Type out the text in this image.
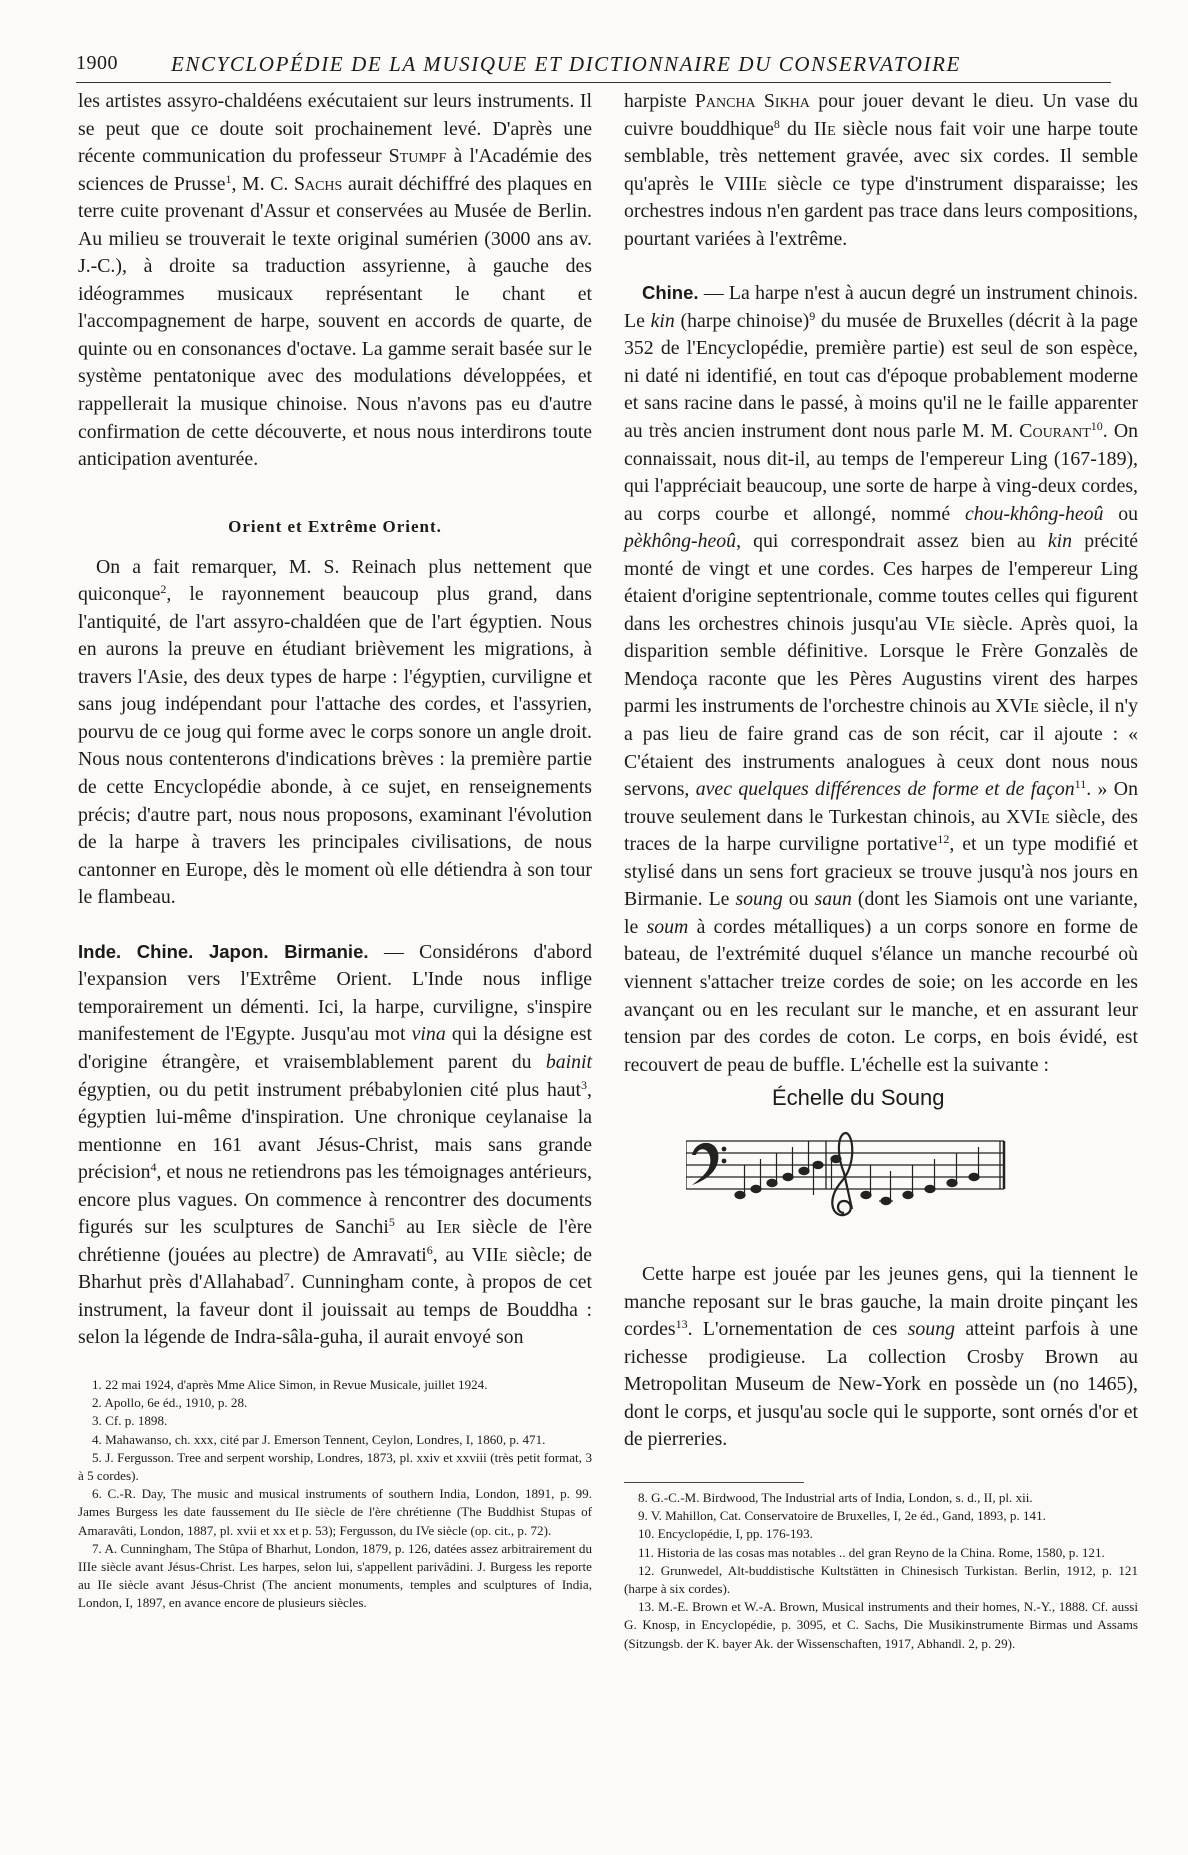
1900	ENCYCLOPÉDIE DE LA MUSIQUE ET DICTIONNAIRE DU CONSERVATOIRE

les artistes assyro-chaldéens exécutaient sur leurs instruments. Il se peut que ce doute soit prochainement levé. D'après une récente communication du professeur Stumpf à l'Académie des sciences de Prusse$^1$, M. C. Sachs aurait déchiffré des plaques en terre cuite provenant d'Assur et conservées au Musée de Berlin. Au milieu se trouverait le texte original sumérien (3000 ans av. J.-C.), à droite sa traduction assyrienne, à gauche des idéogrammes musicaux représentant le chant et l'accompagnement de harpe, souvent en accords de quarte, de quinte ou en consonances d'octave. La gamme serait basée sur le système pentatonique avec des modulations développées, et rappellerait la musique chinoise. Nous n'avons pas eu d'autre confirmation de cette découverte, et nous nous interdirons toute anticipation aventurée.

Orient et Extrême Orient.

On a fait remarquer, M. S. Reinach plus nettement que quiconque$^2$, le rayonnement beaucoup plus grand, dans l'antiquité, de l'art assyro-chaldéen que de l'art égyptien. Nous en aurons la preuve en étudiant brièvement les migrations, à travers l'Asie, des deux types de harpe : l'égyptien, curviligne et sans joug indépendant pour l'attache des cordes, et l'assyrien, pourvu de ce joug qui forme avec le corps sonore un angle droit. Nous nous contenterons d'indications brèves : la première partie de cette Encyclopédie abonde, à ce sujet, en renseignements précis; d'autre part, nous nous proposons, examinant l'évolution de la harpe à travers les principales civilisations, de nous cantonner en Europe, dès le moment où elle détiendra à son tour le flambeau.

Inde. Chine. Japon. Birmanie. — Considérons d'abord l'expansion vers l'Extrême Orient. L'Inde nous inflige temporairement un démenti. Ici, la harpe, curviligne, s'inspire manifestement de l'Egypte. Jusqu'au mot vina qui la désigne est d'origine étrangère, et vraisemblablement parent du bainit égyptien, ou du petit instrument prébabylonien cité plus haut$^3$, égyptien lui-même d'inspiration. Une chronique ceylanaise la mentionne en 161 avant Jésus-Christ, mais sans grande précision$^4$, et nous ne retiendrons pas les témoignages antérieurs, encore plus vagues. On commence à rencontrer des documents figurés sur les sculptures de Sanchi$^5$ au Ier siècle de l'ère chrétienne (jouées au plectre) de Amravati$^6$, au VIIe siècle; de Bharhut près d'Allahabad$^7$. Cunningham conte, à propos de cet instrument, la faveur dont il jouissait au temps de Bouddha : selon la légende de Indra-sâla-guha, il aurait envoyé son

1. 22 mai 1924, d'après Mme Alice Simon, in Revue Musicale, juillet 1924.

2. Apollo, 6e éd., 1910, p. 28.

3. Cf. p. 1898.

4. Mahawanso, ch. xxx, cité par J. Emerson Tennent, Ceylon, Londres, I, 1860, p. 471.

5. J. Fergusson. Tree and serpent worship, Londres, 1873, pl. xxiv et xxviii (très petit format, 3 à 5 cordes).

6. C.-R. Day, The music and musical instruments of southern India, London, 1891, p. 99. James Burgess les date faussement du IIe siècle de l'ère chrétienne (The Buddhist Stupas of Amaravâti, London, 1887, pl. xvii et xx et p. 53); Fergusson, du IVe siècle (op. cit., p. 72).

7. A. Cunningham, The Stûpa of Bharhut, London, 1879, p. 126, datées assez arbitrairement du IIIe siècle avant Jésus-Christ. Les harpes, selon lui, s'appellent parivâdini. J. Burgess les reporte au IIe siècle avant Jésus-Christ (The ancient monuments, temples and sculptures of India, London, I, 1897, en avance encore de plusieurs siècles.

harpiste Pancha Sikha pour jouer devant le dieu. Un vase du cuivre bouddhique$^8$ du IIe siècle nous fait voir une harpe toute semblable, très nettement gravée, avec six cordes. Il semble qu'après le VIIIe siècle ce type d'instrument disparaisse; les orchestres indous n'en gardent pas trace dans leurs compositions, pourtant variées à l'extrême.

Chine. — La harpe n'est à aucun degré un instrument chinois. Le kin (harpe chinoise)$^9$ du musée de Bruxelles (décrit à la page 352 de l'Encyclopédie, première partie) est seul de son espèce, ni daté ni identifié, en tout cas d'époque probablement moderne et sans racine dans le passé, à moins qu'il ne le faille apparenter au très ancien instrument dont nous parle M. M. Courant$^{10}$. On connaissait, nous dit-il, au temps de l'empereur Ling (167-189), qui l'appréciait beaucoup, une sorte de harpe à ving-deux cordes, au corps courbe et allongé, nommé chou-không-heoû ou pèkhông-heoû, qui correspondrait assez bien au kin précité monté de vingt et une cordes. Ces harpes de l'empereur Ling étaient d'origine septentrionale, comme toutes celles qui figurent dans les orchestres chinois jusqu'au VIe siècle. Après quoi, la disparition semble définitive. Lorsque le Frère Gonzalès de Mendoça raconte que les Pères Augustins virent des harpes parmi les instruments de l'orchestre chinois au XVIe siècle, il n'y a pas lieu de faire grand cas de son récit, car il ajoute : « C'étaient des instruments analogues à ceux dont nous nous servons, avec quelques différences de forme et de façon$^{11}$. » On trouve seulement dans le Turkestan chinois, au XVIe siècle, des traces de la harpe curviligne portative$^{12}$, et un type modifié et stylisé dans un sens fort gracieux se trouve jusqu'à nos jours en Birmanie. Le soung ou saun (dont les Siamois ont une variante, le soum à cordes métalliques) a un corps sonore en forme de bateau, de l'extrémité duquel s'élance un manche recourbé où viennent s'attacher treize cordes de soie; on les accorde en les avançant ou en les reculant sur le manche, et en assurant leur tension par des cordes de coton. Le corps, en bois évidé, est recouvert de peau de buffle. L'échelle est la suivante :

Échelle du Soung

Cette harpe est jouée par les jeunes gens, qui la tiennent le manche reposant sur le bras gauche, la main droite pinçant les cordes$^{13}$. L'ornementation de ces soung atteint parfois à une richesse prodigieuse. La collection Crosby Brown au Metropolitan Museum de New-York en possède un (no 1465), dont le corps, et jusqu'au socle qui le supporte, sont ornés d'or et de pierreries.

8. G.-C.-M. Birdwood, The Industrial arts of India, London, s. d., II, pl. xii.

9. V. Mahillon, Cat. Conservatoire de Bruxelles, I, 2e éd., Gand, 1893, p. 141.

10. Encyclopédie, I, pp. 176-193.

11. Historia de las cosas mas notables .. del gran Reyno de la China. Rome, 1580, p. 121.

12. Grunwedel, Alt-buddistische Kultstätten in Chinesisch Turkistan. Berlin, 1912, p. 121 (harpe à six cordes).

13. M.-E. Brown et W.-A. Brown, Musical instruments and their homes, N.-Y., 1888. Cf. aussi G. Knosp, in Encyclopédie, p. 3095, et C. Sachs, Die Musikinstrumente Birmas und Assams (Sitzungsb. der K. bayer Ak. der Wissenschaften, 1917, Abhandl. 2, p. 29).
